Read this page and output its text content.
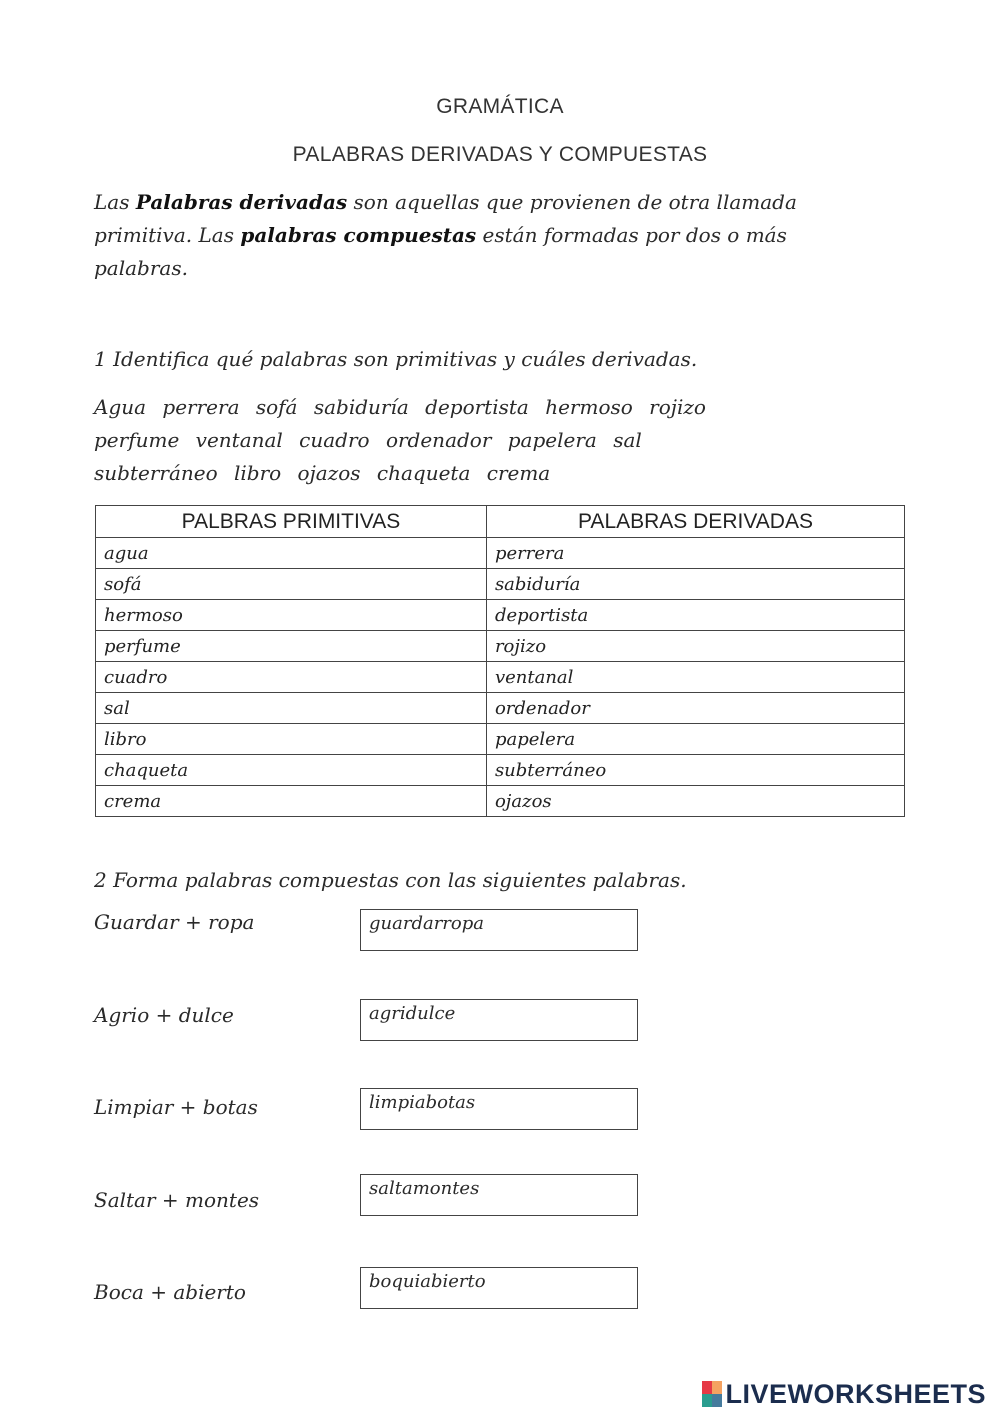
GRAMÁTICA
PALABRAS DERIVADAS Y COMPUESTAS
Las Palabras derivadas son aquellas que provienen de otra llamada primitiva. Las palabras compuestas están formadas por dos o más palabras.
1 Identifica qué palabras son primitivas y cuáles derivadas.
Agua perrera sofá sabiduría deportista hermoso rojizo
perfume ventanal cuadro ordenador papelera sal
subterráneo libro ojazos chaqueta crema
PALBRAS PRIMITIVAS	PALABRAS DERIVADAS
agua	perrera
sofá	sabiduría
hermoso	deportista
perfume	rojizo
cuadro	ventanal
sal	ordenador
libro	papelera
chaqueta	subterráneo
crema	ojazos
2 Forma palabras compuestas con las siguientes palabras.
Guardar + ropa	guardarropa
Agrio + dulce	agridulce
Limpiar + botas	limpiabotas
Saltar + montes	saltamontes
Boca + abierto	boquiabierto
LIVEWORKSHEETS
